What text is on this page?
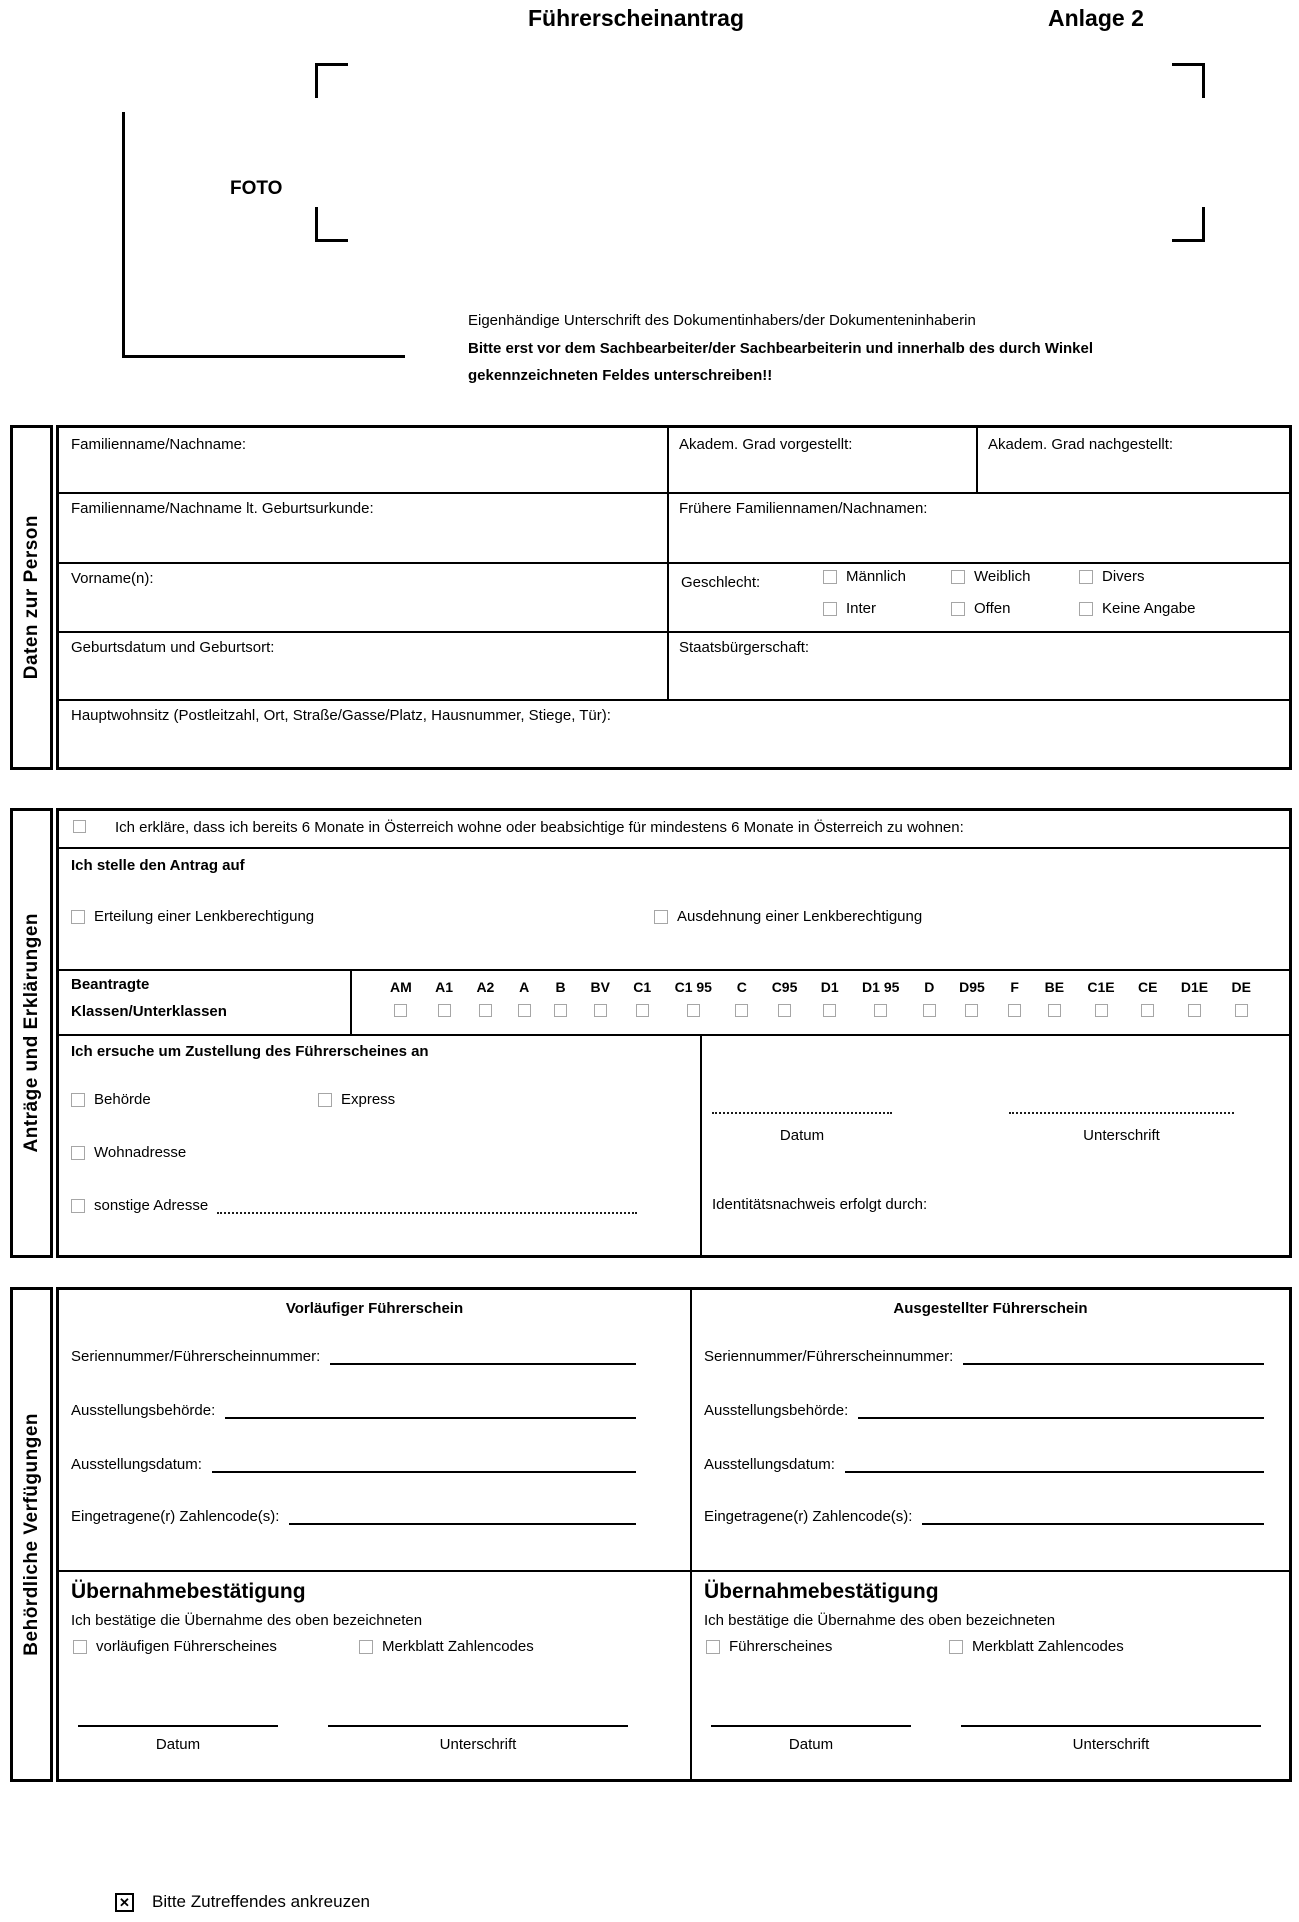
Führerscheinantrag	Anlage 2
FOTO
Eigenhändige Unterschrift des Dokumentinhabers/der Dokumenteninhaberin
Bitte erst vor dem Sachbearbeiter/der Sachbearbeiterin und innerhalb des durch Winkel
gekennzeichneten Feldes unterschreiben!!
Daten zur Person
Familienname/Nachname:	Akadem. Grad vorgestellt:	Akadem. Grad nachgestellt:
Familienname/Nachname lt. Geburtsurkunde:	Frühere Familiennamen/Nachnamen:
Vorname(n):	Geschlecht:	Männlich	Weiblich	Divers
Inter	Offen	Keine Angabe
Geburtsdatum und Geburtsort:	Staatsbürgerschaft:
Hauptwohnsitz (Postleitzahl, Ort, Straße/Gasse/Platz, Hausnummer, Stiege, Tür):
Anträge und Erklärungen
Ich erkläre, dass ich bereits 6 Monate in Österreich wohne oder beabsichtige für mindestens 6 Monate in Österreich zu wohnen:
Ich stelle den Antrag auf
Erteilung einer Lenkberechtigung	Ausdehnung einer Lenkberechtigung
Beantragte
Klassen/Unterklassen
AM A1 A2 A B BV C1 C1 95 C C95 D1 D1 95 D D95 F BE C1E CE D1E DE
Ich ersuche um Zustellung des Führerscheines an
Behörde	Express
Wohnadresse
sonstige Adresse
Datum	Unterschrift
Identitätsnachweis erfolgt durch:
Behördliche Verfügungen
Vorläufiger Führerschein
Seriennummer/Führerscheinnummer:
Ausstellungsbehörde:
Ausstellungsdatum:
Eingetragene(r) Zahlencode(s):
Übernahmebestätigung
Ich bestätige die Übernahme des oben bezeichneten
vorläufigen Führerscheines	Merkblatt Zahlencodes
Datum	Unterschrift
Ausgestellter Führerschein
Seriennummer/Führerscheinnummer:
Ausstellungsbehörde:
Ausstellungsdatum:
Eingetragene(r) Zahlencode(s):
Übernahmebestätigung
Ich bestätige die Übernahme des oben bezeichneten
Führerscheines	Merkblatt Zahlencodes
Datum	Unterschrift
✕ Bitte Zutreffendes ankreuzen
